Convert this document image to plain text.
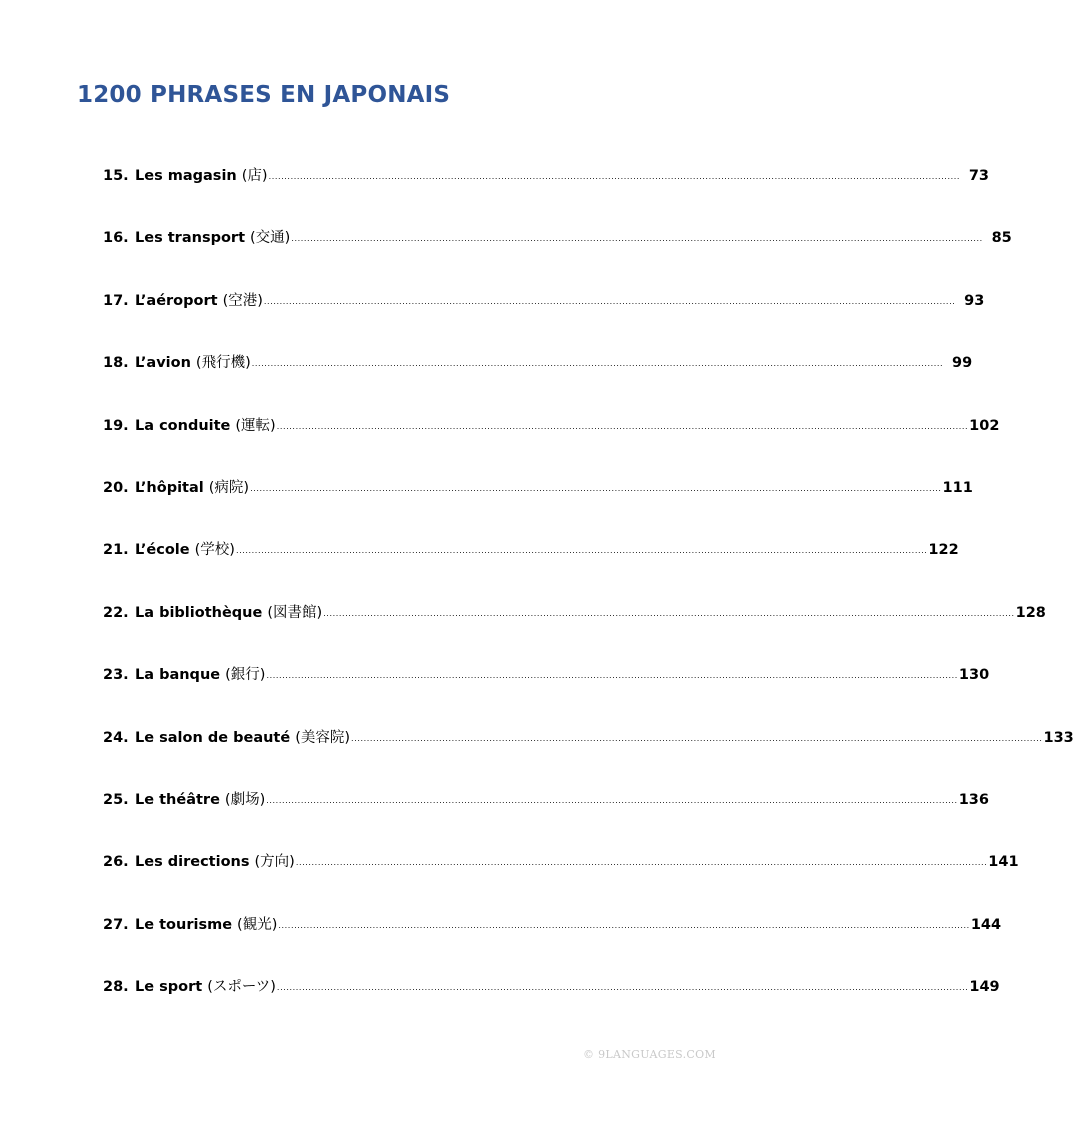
1200 PHRASES EN JAPONAIS
15. Les magasin (店) ............................................................................................................................................................................................................................ 73
16. Les transport (交通) ............................................................................................................................................................................................................................ 85
17. L’aéroport (空港) ............................................................................................................................................................................................................................ 93
18. L’avion (飛行機) ............................................................................................................................................................................................................................ 99
19. La conduite (運転) ............................................................................................................................................................................................................................ 102
20. L’hôpital (病院) ............................................................................................................................................................................................................................ 111
21. L’école (学校) ............................................................................................................................................................................................................................ 122
22. La bibliothèque (図書館) ............................................................................................................................................................................................................................ 128
23. La banque (銀行) ............................................................................................................................................................................................................................ 130
24. Le salon de beauté (美容院) ............................................................................................................................................................................................................................ 133
25. Le théâtre (劇场) ............................................................................................................................................................................................................................ 136
26. Les directions (方向) ............................................................................................................................................................................................................................ 141
27. Le tourisme (観光) ............................................................................................................................................................................................................................ 144
28. Le sport (スポーツ) ............................................................................................................................................................................................................................ 149
© 9LANGUAGES.COM
